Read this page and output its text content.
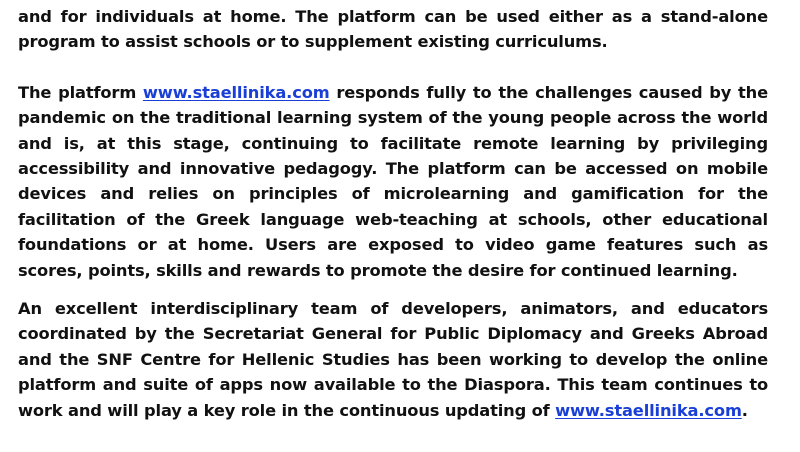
and for individuals at home. The platform can be used either as a stand-alone program to assist schools or to supplement existing curriculums.

The platform www.staellinika.com responds fully to the challenges caused by the pandemic on the traditional learning system of the young people across the world and is, at this stage, continuing to facilitate remote learning by privileging accessibility and innovative pedagogy. The platform can be accessed on mobile devices and relies on principles of microlearning and gamification for the facilitation of the Greek language web-teaching at schools, other educational foundations or at home. Users are exposed to video game features such as scores, points, skills and rewards to promote the desire for continued learning.

An excellent interdisciplinary team of developers, animators, and educators coordinated by the Secretariat General for Public Diplomacy and Greeks Abroad and the SNF Centre for Hellenic Studies has been working to develop the online platform and suite of apps now available to the Diaspora. This team continues to work and will play a key role in the continuous updating of www.staellinika.com.
